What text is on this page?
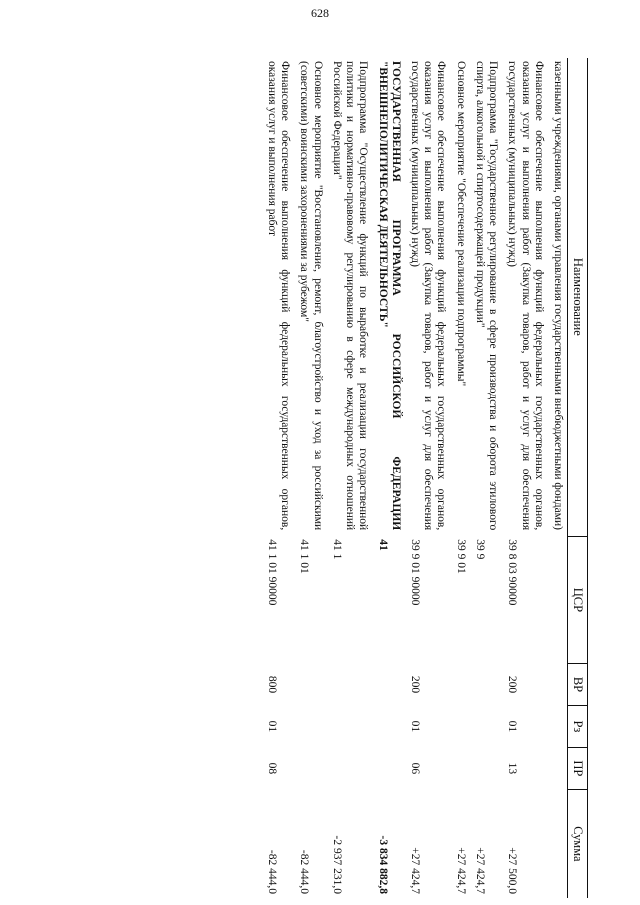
628
Наименование	ЦСР	ВР	Рз	ПР	Сумма
казенными учреждениями, органами управления государственными внебюджетными фондами)					
Финансовое обеспечение выполнения функций федеральных государственных органов, оказания услуг и выполнения работ (Закупка товаров, работ и услуг для обеспечения государственных (муниципальных) нужд)	39 8 03 90000	200	01	13	+27 500,0
Подпрограмма "Государственное регулирование в сфере производства и оборота этилового спирта, алкогольной и спиртосодержащей продукции"	39 9				+27 424,7
Основное мероприятие "Обеспечение реализации подпрограммы"	39 9 01				+27 424,7
Финансовое обеспечение выполнения функций федеральных государственных органов, оказания услуг и выполнения работ (Закупка товаров, работ и услуг для обеспечения государственных (муниципальных) нужд)	39 9 01 90000	200	01	06	+27 424,7
ГОСУДАРСТВЕННАЯ ПРОГРАММА РОССИЙСКОЙ ФЕДЕРАЦИИ "ВНЕШНЕПОЛИТИЧЕСКАЯ ДЕЯТЕЛЬНОСТЬ"	41				-3 834 882,8
Подпрограмма "Осуществление функций по выработке и реализации государственной политики и нормативно-правовому регулированию в сфере международных отношений Российской Федерации"	41 1				-2 937 231,0
Основное мероприятие "Восстановление, ремонт, благоустройство и уход за российскими (советскими) воинскими захоронениями за рубежом"	41 1 01				-82 444,0
Финансовое обеспечение выполнения функций федеральных государственных органов, оказания услуг и выполнения работ	41 1 01 90000	800	01	08	-82 444,0
